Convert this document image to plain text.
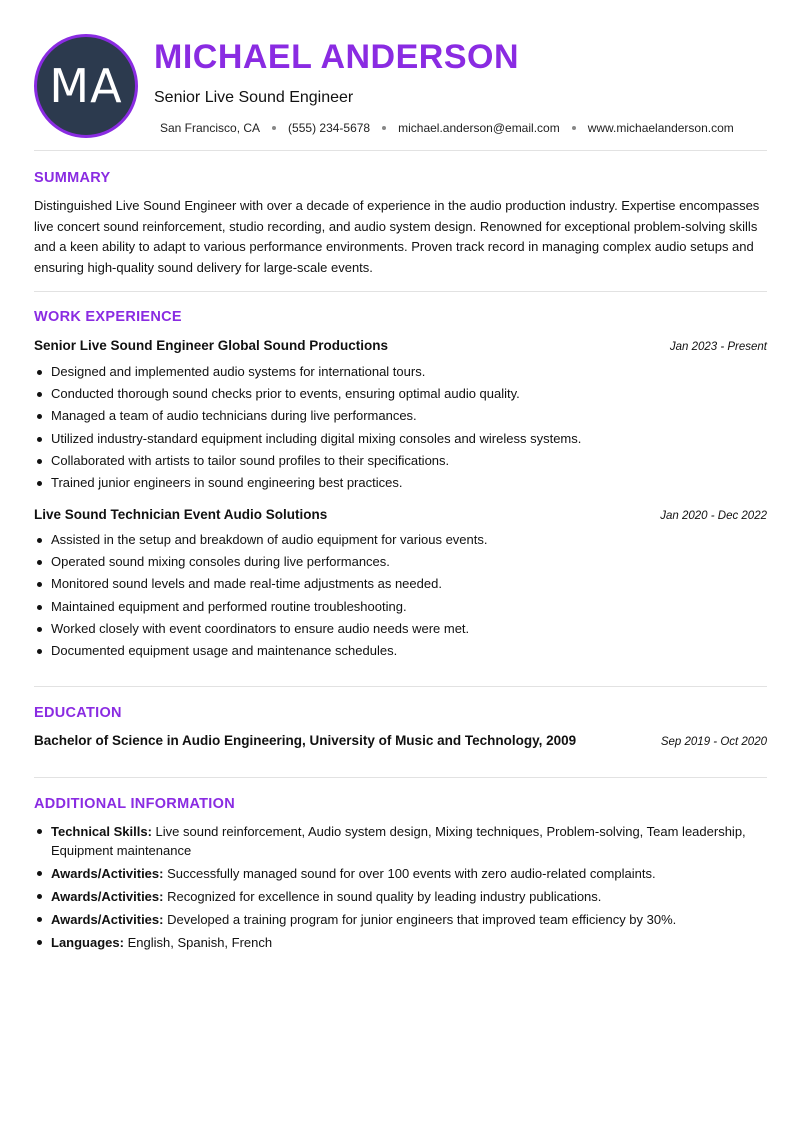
MA
MICHAEL ANDERSON
Senior Live Sound Engineer
San Francisco, CA (555) 234-5678 michael.anderson@email.com www.michaelanderson.com
SUMMARY
Distinguished Live Sound Engineer with over a decade of experience in the audio production industry. Expertise encompasses live concert sound reinforcement, studio recording, and audio system design. Renowned for exceptional problem-solving skills and a keen ability to adapt to various performance environments. Proven track record in managing complex audio setups and ensuring high-quality sound delivery for large-scale events.
WORK EXPERIENCE
Senior Live Sound Engineer Global Sound Productions	Jan 2023 - Present
Designed and implemented audio systems for international tours.
Conducted thorough sound checks prior to events, ensuring optimal audio quality.
Managed a team of audio technicians during live performances.
Utilized industry-standard equipment including digital mixing consoles and wireless systems.
Collaborated with artists to tailor sound profiles to their specifications.
Trained junior engineers in sound engineering best practices.
Live Sound Technician Event Audio Solutions	Jan 2020 - Dec 2022
Assisted in the setup and breakdown of audio equipment for various events.
Operated sound mixing consoles during live performances.
Monitored sound levels and made real-time adjustments as needed.
Maintained equipment and performed routine troubleshooting.
Worked closely with event coordinators to ensure audio needs were met.
Documented equipment usage and maintenance schedules.
EDUCATION
Bachelor of Science in Audio Engineering, University of Music and Technology, 2009	Sep 2019 - Oct 2020
ADDITIONAL INFORMATION
Technical Skills: Live sound reinforcement, Audio system design, Mixing techniques, Problem-solving, Team leadership, Equipment maintenance
Awards/Activities: Successfully managed sound for over 100 events with zero audio-related complaints.
Awards/Activities: Recognized for excellence in sound quality by leading industry publications.
Awards/Activities: Developed a training program for junior engineers that improved team efficiency by 30%.
Languages: English, Spanish, French
